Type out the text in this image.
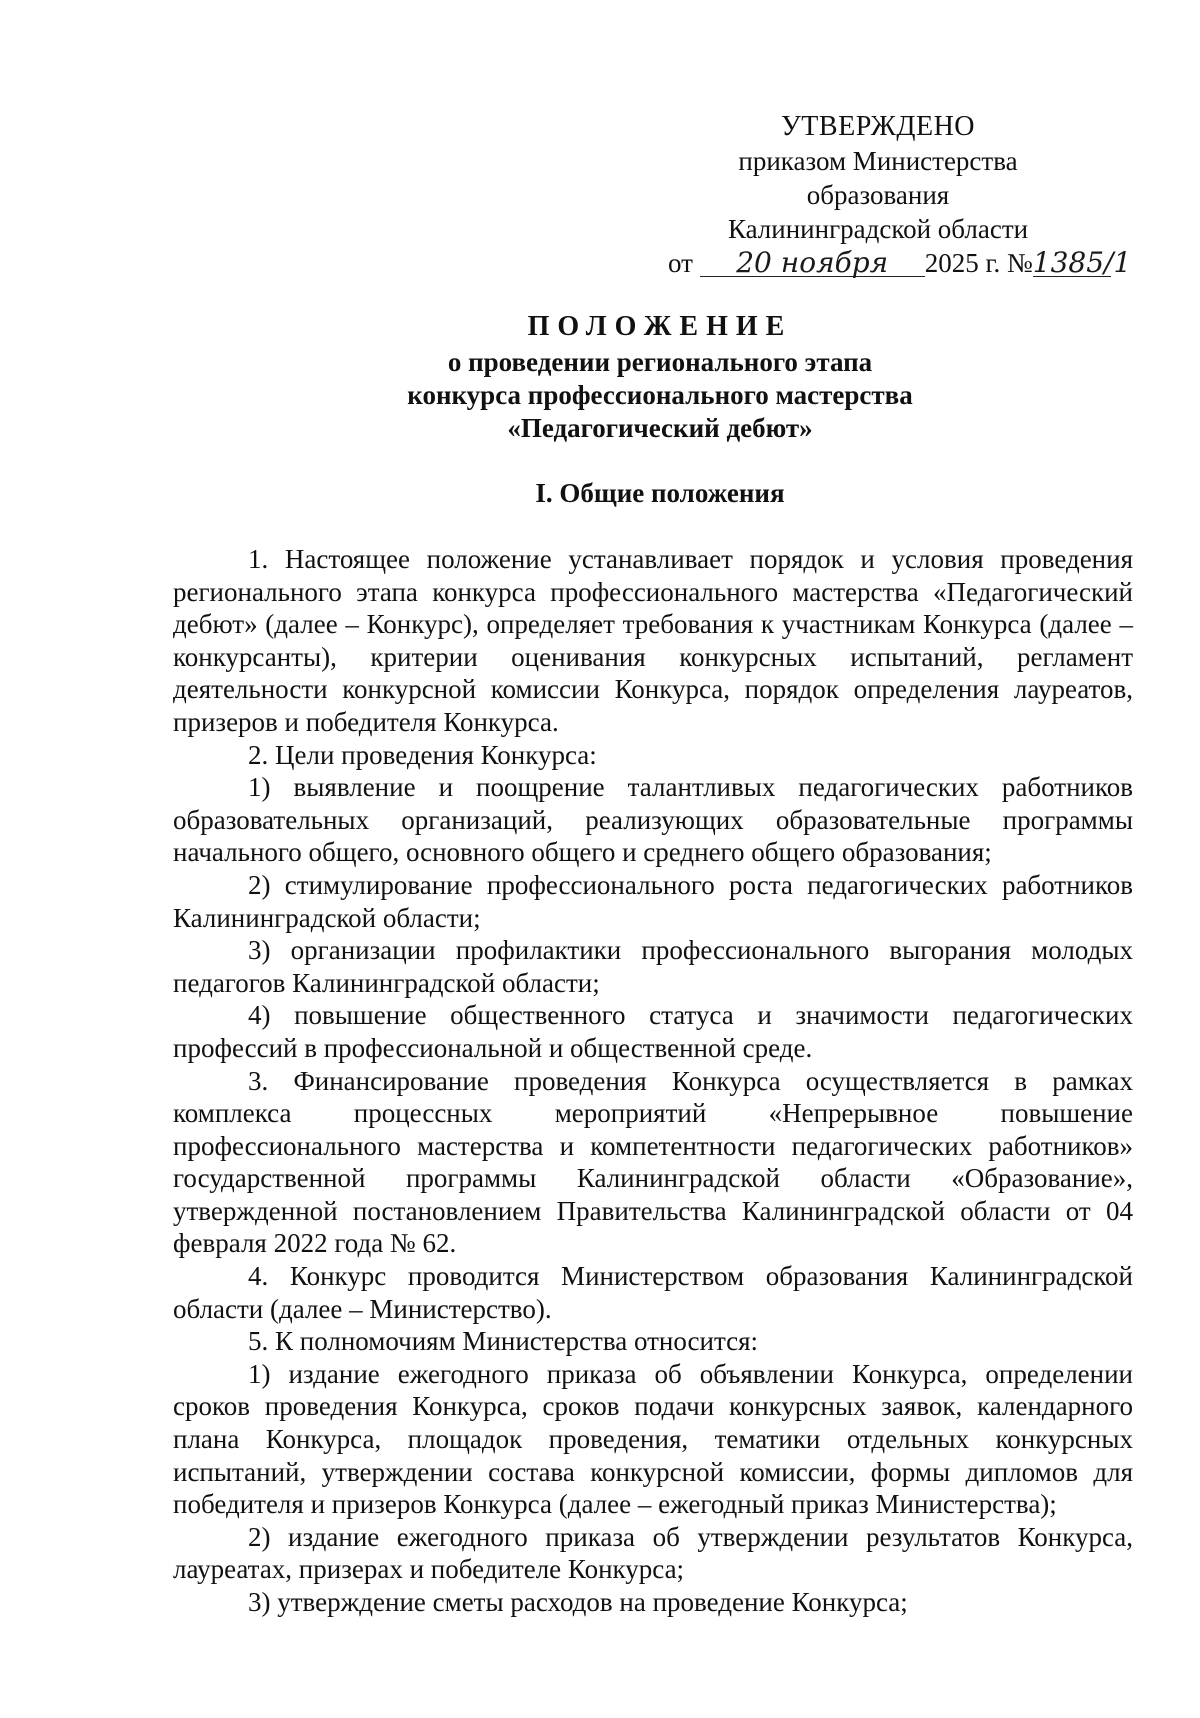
УТВЕРЖДЕНО
приказом Министерства образования
Калининградской области
от 20 ноября 2025 г. №1385/1
ПОЛОЖЕНИЕ
о проведении регионального этапа
конкурса профессионального мастерства
«Педагогический дебют»
I. Общие положения

1. Настоящее положение устанавливает порядок и условия проведения регионального этапа конкурса профессионального мастерства «Педагогический дебют» (далее – Конкурс), определяет требования к участникам Конкурса (далее – конкурсанты), критерии оценивания конкурсных испытаний, регламент деятельности конкурсной комиссии Конкурса, порядок определения лауреатов, призеров и победителя Конкурса.

2. Цели проведения Конкурса:

1) выявление и поощрение талантливых педагогических работников образовательных организаций, реализующих образовательные программы начального общего, основного общего и среднего общего образования;

2) стимулирование профессионального роста педагогических работников Калининградской области;

3) организации профилактики профессионального выгорания молодых педагогов Калининградской области;

4) повышение общественного статуса и значимости педагогических профессий в профессиональной и общественной среде.

3. Финансирование проведения Конкурса осуществляется в рамках комплекса процессных мероприятий «Непрерывное повышение профессионального мастерства и компетентности педагогических работников» государственной программы Калининградской области «Образование», утвержденной постановлением Правительства Калининградской области от 04 февраля 2022 года № 62.

4. Конкурс проводится Министерством образования Калининградской области (далее – Министерство).

5. К полномочиям Министерства относится:

1) издание ежегодного приказа об объявлении Конкурса, определении сроков проведения Конкурса, сроков подачи конкурсных заявок, календарного плана Конкурса, площадок проведения, тематики отдельных конкурсных испытаний, утверждении состава конкурсной комиссии, формы дипломов для победителя и призеров Конкурса (далее – ежегодный приказ Министерства);

2) издание ежегодного приказа об утверждении результатов Конкурса, лауреатах, призерах и победителе Конкурса;

3) утверждение сметы расходов на проведение Конкурса;
